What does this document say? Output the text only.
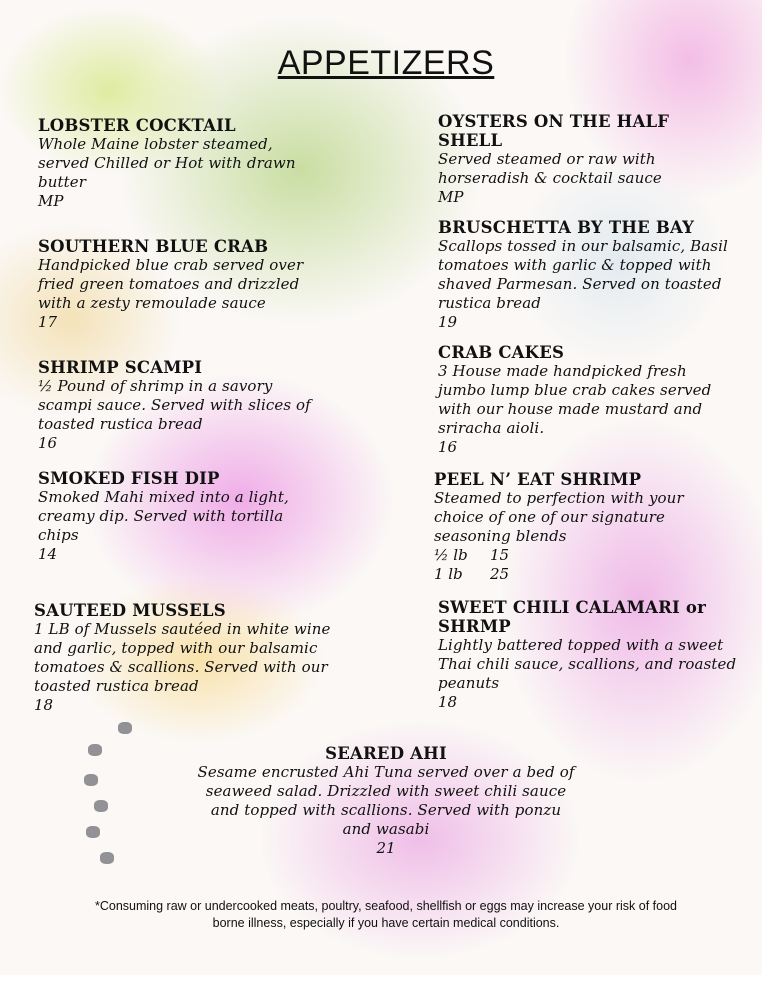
APPETIZERS
LOBSTER COCKTAIL

Whole Maine lobster steamed, served Chilled or Hot with drawn butter

MP

SOUTHERN BLUE CRAB

Handpicked blue crab served over fried green tomatoes and drizzled with a zesty remoulade sauce

17

SHRIMP SCAMPI

½ Pound of shrimp in a savory scampi sauce. Served with slices of toasted rustica bread

16

SMOKED FISH DIP

Smoked Mahi mixed into a light, creamy dip. Served with tortilla chips

14

SAUTEED MUSSELS

1 LB of Mussels sautéed in white wine and garlic, topped with our balsamic tomatoes & scallions. Served with our toasted rustica bread

18

OYSTERS ON THE HALF SHELL

Served steamed or raw with horseradish & cocktail sauce

MP

BRUSCHETTA BY THE BAY

Scallops tossed in our balsamic, Basil tomatoes with garlic & topped with shaved Parmesan. Served on toasted rustica bread

19

CRAB CAKES

3 House made handpicked fresh jumbo lump blue crab cakes served with our house made mustard and sriracha aioli.

16

PEEL N’ EAT SHRIMP

Steamed to perfection with your choice of one of our signature seasoning blends

½ lb 15

1 lb 25

SWEET CHILI CALAMARI or SHRMP

Lightly battered topped with a sweet Thai chili sauce, scallions, and roasted peanuts

18

SEARED AHI

Sesame encrusted Ahi Tuna served over a bed of seaweed salad. Drizzled with sweet chili sauce and topped with scallions. Served with ponzu and wasabi

21

*Consuming raw or undercooked meats, poultry, seafood, shellfish or eggs may increase your risk of food borne illness, especially if you have certain medical conditions.
